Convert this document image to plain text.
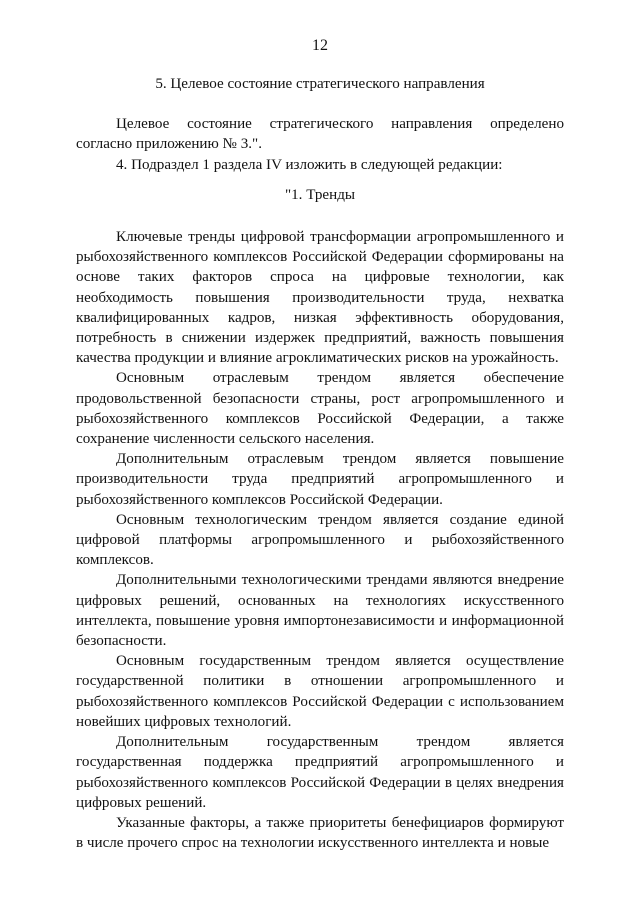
12
5. Целевое состояние стратегического направления

Целевое состояние стратегического направления определено согласно приложению № 3.".

4. Подраздел 1 раздела IV изложить в следующей редакции:

"1. Тренды

Ключевые тренды цифровой трансформации агропромышленного и рыбохозяйственного комплексов Российской Федерации сформированы на основе таких факторов спроса на цифровые технологии, как необходимость повышения производительности труда, нехватка квалифицированных кадров, низкая эффективность оборудования, потребность в снижении издержек предприятий, важность повышения качества продукции и влияние агроклиматических рисков на урожайность.

Основным отраслевым трендом является обеспечение продовольственной безопасности страны, рост агропромышленного и рыбохозяйственного комплексов Российской Федерации, а также сохранение численности сельского населения.

Дополнительным отраслевым трендом является повышение производительности труда предприятий агропромышленного и рыбохозяйственного комплексов Российской Федерации.

Основным технологическим трендом является создание единой цифровой платформы агропромышленного и рыбохозяйственного комплексов.

Дополнительными технологическими трендами являются внедрение цифровых решений, основанных на технологиях искусственного интеллекта, повышение уровня импортонезависимости и информационной безопасности.

Основным государственным трендом является осуществление государственной политики в отношении агропромышленного и рыбохозяйственного комплексов Российской Федерации с использованием новейших цифровых технологий.

Дополнительным государственным трендом является государственная поддержка предприятий агропромышленного и рыбохозяйственного комплексов Российской Федерации в целях внедрения цифровых решений.

Указанные факторы, а также приоритеты бенефициаров формируют в числе прочего спрос на технологии искусственного интеллекта и новые
